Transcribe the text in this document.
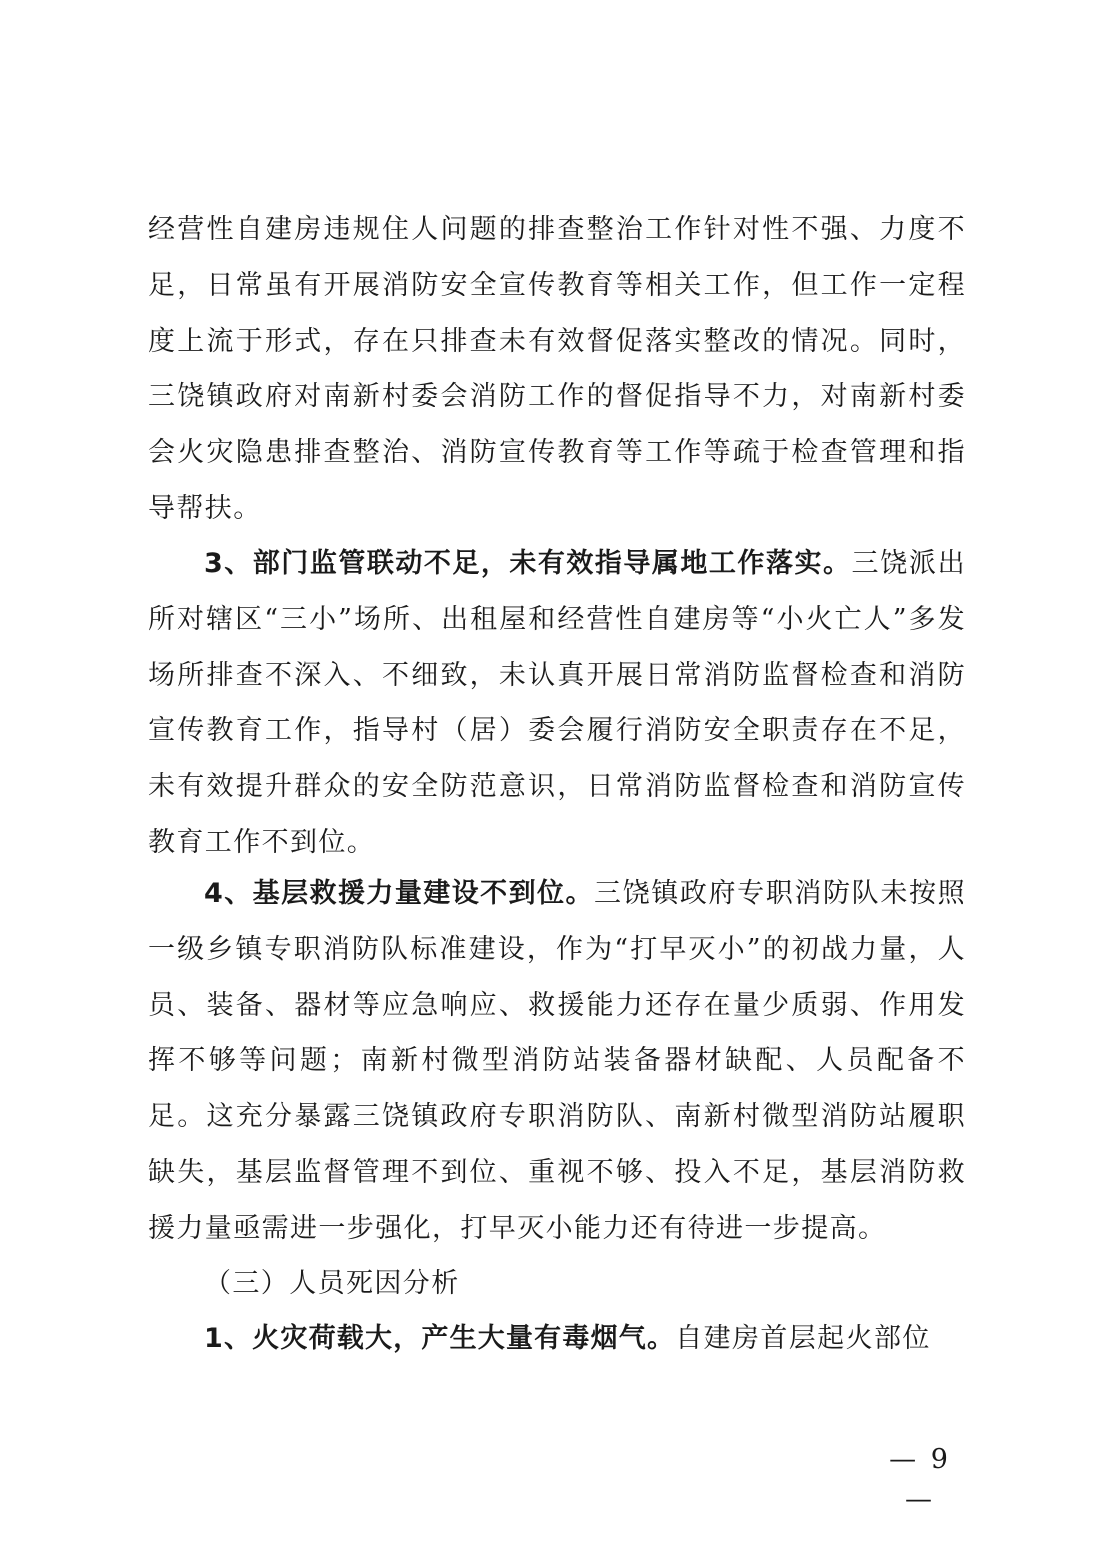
经营性自建房违规住人问题的排查整治工作针对性不强、力度不足，日常虽有开展消防安全宣传教育等相关工作，但工作一定程度上流于形式，存在只排查未有效督促落实整改的情况。同时，三饶镇政府对南新村委会消防工作的督促指导不力，对南新村委会火灾隐患排查整治、消防宣传教育等工作等疏于检查管理和指导帮扶。

3、部门监管联动不足，未有效指导属地工作落实。三饶派出所对辖区“三小”场所、出租屋和经营性自建房等“小火亡人”多发场所排查不深入、不细致，未认真开展日常消防监督检查和消防宣传教育工作，指导村（居）委会履行消防安全职责存在不足，未有效提升群众的安全防范意识，日常消防监督检查和消防宣传教育工作不到位。

4、基层救援力量建设不到位。三饶镇政府专职消防队未按照一级乡镇专职消防队标准建设，作为“打早灭小”的初战力量，人员、装备、器材等应急响应、救援能力还存在量少质弱、作用发挥不够等问题；南新村微型消防站装备器材缺配、人员配备不足。这充分暴露三饶镇政府专职消防队、南新村微型消防站履职缺失，基层监督管理不到位、重视不够、投入不足，基层消防救援力量亟需进一步强化，打早灭小能力还有待进一步提高。

（三）人员死因分析

1、火灾荷载大，产生大量有毒烟气。自建房首层起火部位

— 9 —
